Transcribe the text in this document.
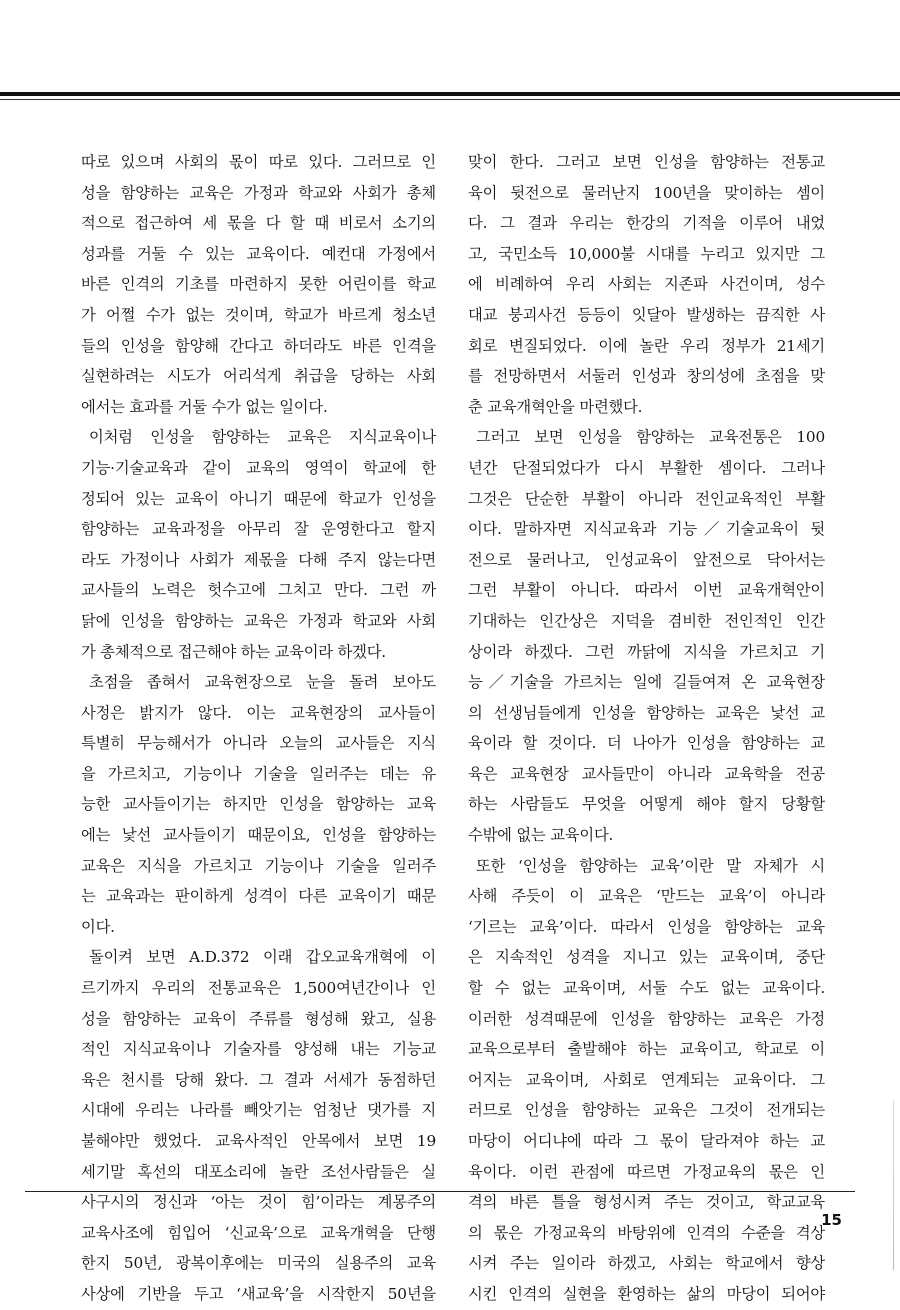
따로 있으며 사회의 몫이 따로 있다. 그러므로 인
성을 함양하는 교육은 가정과 학교와 사회가 총체
적으로 접근하여 세 몫을 다 할 때 비로서 소기의
성과를 거둘 수 있는 교육이다. 예컨대 가정에서
바른 인격의 기초를 마련하지 못한 어린이를 학교
가 어쩔 수가 없는 것이며, 학교가 바르게 청소년
들의 인성을 함양해 간다고 하더라도 바른 인격을
실현하려는 시도가 어리석게 취급을 당하는 사회
에서는 효과를 거둘 수가 없는 일이다.
이처럼 인성을 함양하는 교육은 지식교육이나
기능·기술교육과 같이 교육의 영역이 학교에 한
정되어 있는 교육이 아니기 때문에 학교가 인성을
함양하는 교육과정을 아무리 잘 운영한다고 할지
라도 가정이나 사회가 제몫을 다해 주지 않는다면
교사들의 노력은 헛수고에 그치고 만다. 그런 까
닭에 인성을 함양하는 교육은 가정과 학교와 사회
가 총체적으로 접근해야 하는 교육이라 하겠다.
초점을 좁혀서 교육현장으로 눈을 돌려 보아도
사정은 밝지가 않다. 이는 교육현장의 교사들이
특별히 무능해서가 아니라 오늘의 교사들은 지식
을 가르치고, 기능이나 기술을 일러주는 데는 유
능한 교사들이기는 하지만 인성을 함양하는 교육
에는 낯선 교사들이기 때문이요, 인성을 함양하는
교육은 지식을 가르치고 기능이나 기술을 일러주
는 교육과는 판이하게 성격이 다른 교육이기 때문
이다.
돌이켜 보면 A.D.372 이래 갑오교육개혁에 이
르기까지 우리의 전통교육은 1,500여년간이나 인
성을 함양하는 교육이 주류를 형성해 왔고, 실용
적인 지식교육이나 기술자를 양성해 내는 기능교
육은 천시를 당해 왔다. 그 결과 서세가 동점하던
시대에 우리는 나라를 빼앗기는 엄청난 댓가를 지
불해야만 했었다. 교육사적인 안목에서 보면 19
세기말 혹선의 대포소리에 놀란 조선사람들은 실
사구시의 정신과 ‘아는 것이 힘’이라는 계몽주의
교육사조에 힘입어 ‘신교육’으로 교육개혁을 단행
한지 50년, 광복이후에는 미국의 실용주의 교육
사상에 기반을 두고 ‘새교육’을 시작한지 50년을
맞이 한다. 그러고 보면 인성을 함양하는 전통교
육이 뒷전으로 물러난지 100년을 맞이하는 셈이
다. 그 결과 우리는 한강의 기적을 이루어 내었
고, 국민소득 10,000불 시대를 누리고 있지만 그
에 비례하여 우리 사회는 지존파 사건이며, 성수
대교 붕괴사건 등등이 잇달아 발생하는 끔직한 사
회로 변질되었다. 이에 놀란 우리 정부가 21세기
를 전망하면서 서둘러 인성과 창의성에 초점을 맞
춘 교육개혁안을 마련했다.
그러고 보면 인성을 함양하는 교육전통은 100
년간 단절되었다가 다시 부활한 셈이다. 그러나
그것은 단순한 부활이 아니라 전인교육적인 부활
이다. 말하자면 지식교육과 기능／기술교육이 뒷
전으로 물러나고, 인성교육이 앞전으로 닥아서는
그런 부활이 아니다. 따라서 이번 교육개혁안이
기대하는 인간상은 지덕을 겸비한 전인적인 인간
상이라 하겠다. 그런 까닭에 지식을 가르치고 기
능／기술을 가르치는 일에 길들여져 온 교육현장
의 선생님들에게 인성을 함양하는 교육은 낯선 교
육이라 할 것이다. 더 나아가 인성을 함양하는 교
육은 교육현장 교사들만이 아니라 교육학을 전공
하는 사람들도 무엇을 어떻게 해야 할지 당황할
수밖에 없는 교육이다.
또한 ‘인성을 함양하는 교육’이란 말 자체가 시
사해 주듯이 이 교육은 ‘만드는 교육’이 아니라
‘기르는 교육’이다. 따라서 인성을 함양하는 교육
은 지속적인 성격을 지니고 있는 교육이며, 중단
할 수 없는 교육이며, 서둘 수도 없는 교육이다.
이러한 성격때문에 인성을 함양하는 교육은 가정
교육으로부터 출발해야 하는 교육이고, 학교로 이
어지는 교육이며, 사회로 연계되는 교육이다. 그
러므로 인성을 함양하는 교육은 그것이 전개되는
마당이 어디냐에 따라 그 몫이 달라져야 하는 교
육이다. 이런 관점에 따르면 가정교육의 몫은 인
격의 바른 틀을 형성시켜 주는 것이고, 학교교육
의 몫은 가정교육의 바탕위에 인격의 수준을 격상
시켜 주는 일이라 하겠고, 사회는 학교에서 향상
시킨 인격의 실현을 환영하는 삶의 마당이 되어야
15
